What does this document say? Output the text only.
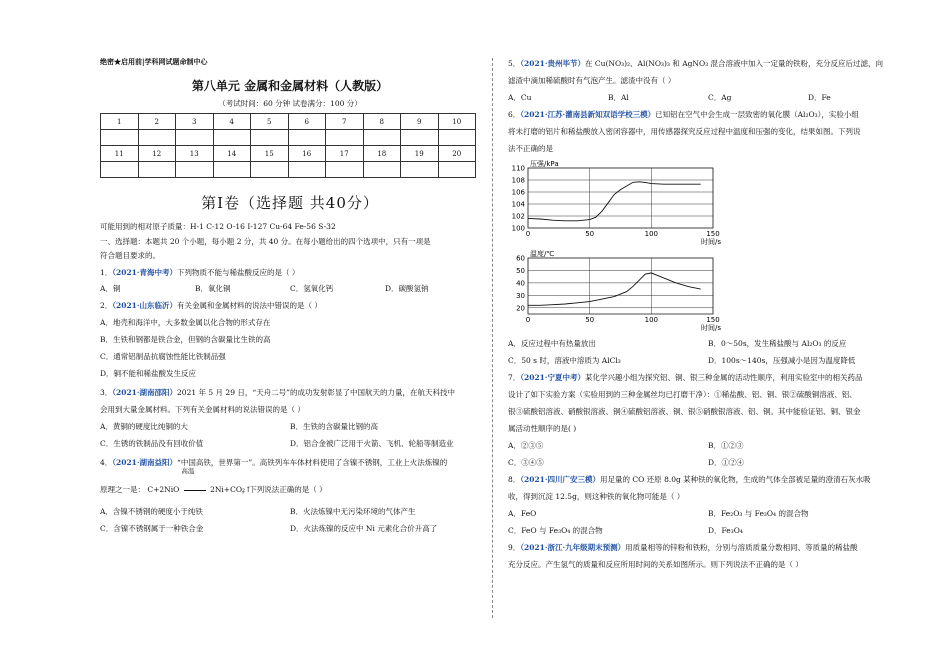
绝密★启用前|学科网试题命制中心
第八单元 金属和金属材料（人教版）
（考试时间：60 分钟 试卷满分：100 分）
1	2	3	4	5	6	7	8	9	10

11	12	13	14	15	16	17	18	19	20

第Ⅰ卷（选择题 共40分）
可能用到的相对原子质量：H-1 C-12 O-16 I-127 Cu-64 Fe-56 S-32
一、选择题：本题共 20 个小题，每小题 2 分，共 40 分。在每小题给出的四个选项中，只有一项是
符合题目要求的。
1．（2021·青海中考）下列物质不能与稀盐酸反应的是（ ）
A．铜	B．氧化铜	C．氢氧化钙	D．碳酸氢钠
2．（2021·山东临沂）有关金属和金属材料的说法中错误的是（ ）
A．地壳和海洋中，大多数金属以化合物的形式存在
B．生铁和钢都是铁合金，但钢的含碳量比生铁的高
C．通常铝制品抗腐蚀性能比铁制品强
D．铜不能和稀盐酸发生反应
3．（2021·湖南邵阳）2021 年 5 月 29 日，“天舟二号”的成功发射彰显了中国航天的力量，在航天科技中
会用到大量金属材料。下列有关金属材料的说法错误的是（ ）
A．黄铜的硬度比纯铜的大	B．生铁的含碳量比钢的高
C．生锈的铁制品没有回收价值	D．铝合金被广泛用于火箭、飞机、轮船等制造业
4．（2021·湖南益阳）“中国高铁，世界第一”。高铁列车车体材料使用了含镍不锈钢，工业上火法炼镍的
原理之一是： C+2NiO
高温
2Ni+CO₂↑ ，下列说法正确的是（ ）
A．含镍不锈钢的硬度小于纯铁	B．火法炼镍中无污染环境的气体产生
C．含镍不锈钢属于一种铁合金	D．火法炼镍的反应中 Ni 元素化合价升高了
5．（2021·贵州毕节）在 Cu(NO₃)₂、Al(NO₃)₃ 和 AgNO₃ 混合溶液中加入一定量的铁粉，充分反应后过滤，向
滤渣中滴加稀硫酸时有气泡产生。滤渣中没有（ ）
A．Cu	B．Al	C．Ag	D．Fe
6．（2021·江苏·灌南县新知双语学校三模）已知铝在空气中会生成一层致密的氧化膜（Al₂O₃），实验小组
将未打磨的铝片和稀盐酸放入密闭容器中，用传感器探究反应过程中温度和压强的变化，结果如图。下列说
法不正确的是
0	50	100	150
100
102
104
106
108
110
压强/kPa
时间/s
0	50	100	150
20
30
40
50
60
温度/℃
时间/s
A．反应过程中有热量放出	B．0～50s，发生稀盐酸与 Al₂O₃ 的反应
C．50 s 时，溶液中溶质为 AlCl₃	D．100s～140s，压强减小是因为温度降低
7．（2021·宁夏中考）某化学兴趣小组为探究铝、铜、银三种金属的活动性顺序，利用实验室中的相关药品
设计了如下实验方案（实验用到的三种金属丝均已打磨干净）：①稀盐酸、铝、铜、银②硫酸铜溶液、铝、
银③硫酸铝溶液、硝酸银溶液、铜④硫酸铝溶液、铜、银⑤硝酸银溶液、铝、铜。其中能验证铝、铜、银金
属活动性顺序的是( )
A．②③⑤	B．①②③
C．③④⑤	D．①②④
8．（2021·四川广安三模）用足量的 CO 还原 8.0g 某种铁的氧化物，生成的气体全部被足量的澄清石灰水吸
收，得到沉淀 12.5g，则这种铁的氧化物可能是（ ）
A．FeO	B．Fe₂O₃ 与 Fe₃O₄ 的混合物
C．FeO 与 Fe₃O₄ 的混合物	D．Fe₃O₄
9．（2021·浙江·九年级期末预测）用质量相等的锌粉和铁粉，分别与溶质质量分数相同、等质量的稀盐酸
充分反应。产生氢气的质量和反应所用时间的关系如图所示。则下列说法不正确的是（ ）
